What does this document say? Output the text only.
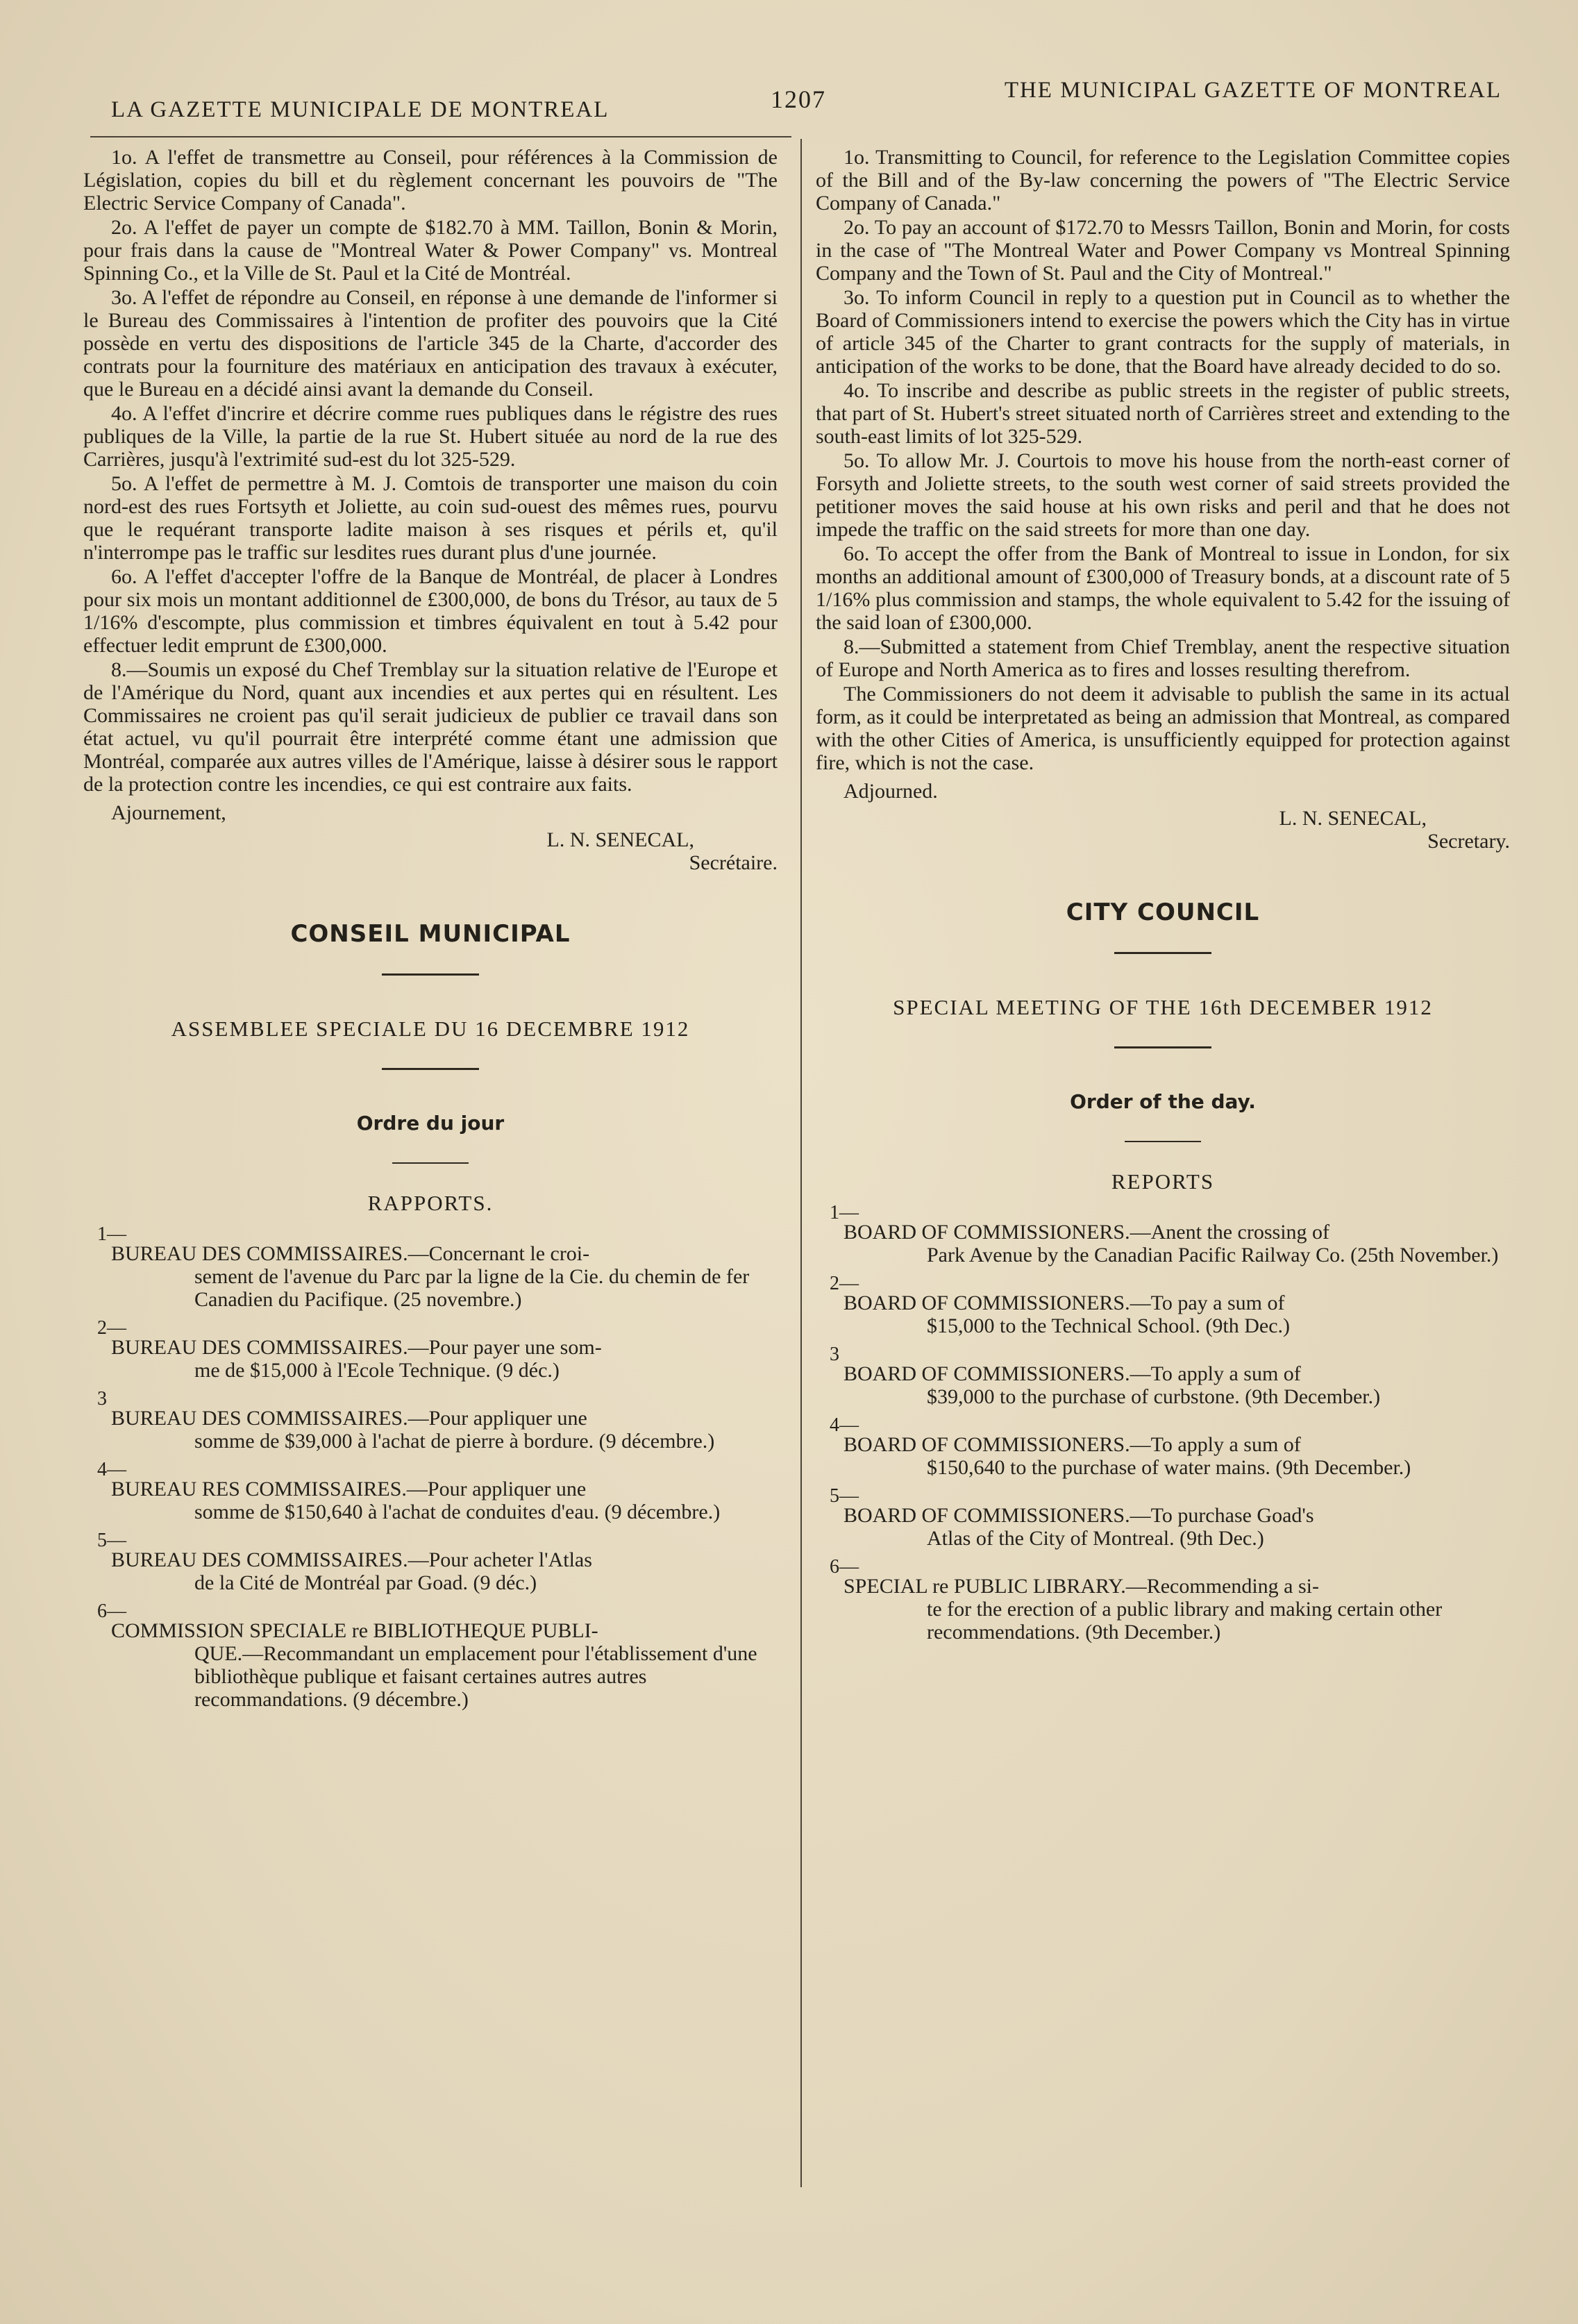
LA GAZETTE MUNICIPALE DE MONTREAL	1207	THE MUNICIPAL GAZETTE OF MONTREAL

1o. A l'effet de transmettre au Conseil, pour références à la Commission de Législation, copies du bill et du règlement concernant les pouvoirs de "The Electric Service Company of Canada".

2o. A l'effet de payer un compte de $182.70 à MM. Taillon, Bonin & Morin, pour frais dans la cause de "Montreal Water & Power Company" vs. Montreal Spinning Co., et la Ville de St. Paul et la Cité de Montréal.

3o. A l'effet de répondre au Conseil, en réponse à une demande de l'informer si le Bureau des Commissaires à l'intention de profiter des pouvoirs que la Cité possède en vertu des dispositions de l'article 345 de la Charte, d'accorder des contrats pour la fourniture des matériaux en anticipation des travaux à exécuter, que le Bureau en a décidé ainsi avant la demande du Conseil.

4o. A l'effet d'incrire et décrire comme rues publiques dans le régistre des rues publiques de la Ville, la partie de la rue St. Hubert située au nord de la rue des Carrières, jusqu'à l'extrimité sud-est du lot 325-529.

5o. A l'effet de permettre à M. J. Comtois de transporter une maison du coin nord-est des rues Fortsyth et Joliette, au coin sud-ouest des mêmes rues, pourvu que le requérant transporte ladite maison à ses risques et périls et, qu'il n'interrompe pas le traffic sur lesdites rues durant plus d'une journée.

6o. A l'effet d'accepter l'offre de la Banque de Montréal, de placer à Londres pour six mois un montant additionnel de £300,000, de bons du Trésor, au taux de 5 1/16% d'escompte, plus commission et timbres équivalent en tout à 5.42 pour effectuer ledit emprunt de £300,000.

8.—Soumis un exposé du Chef Tremblay sur la situation relative de l'Europe et de l'Amérique du Nord, quant aux incendies et aux pertes qui en résultent. Les Commissaires ne croient pas qu'il serait judicieux de publier ce travail dans son état actuel, vu qu'il pourrait être interprété comme étant une admission que Montréal, comparée aux autres villes de l'Amérique, laisse à désirer sous le rapport de la protection contre les incendies, ce qui est contraire aux faits.

Ajournement,
L. N. SENECAL,
Secrétaire.
CONSEIL MUNICIPAL
ASSEMBLEE SPECIALE DU 16 DECEMBRE 1912
Ordre du jour
RAPPORTS.
1—

BUREAU DES COMMISSAIRES.—Concernant le croi-
sement de l'avenue du Parc par la ligne de la Cie. du chemin de fer Canadien du Pacifique. (25 novembre.)

2—

BUREAU DES COMMISSAIRES.—Pour payer une som-
me de $15,000 à l'Ecole Technique. (9 déc.)

3

BUREAU DES COMMISSAIRES.—Pour appliquer une
somme de $39,000 à l'achat de pierre à bordure. (9 décembre.)

4—

BUREAU RES COMMISSAIRES.—Pour appliquer une
somme de $150,640 à l'achat de conduites d'eau. (9 décembre.)

5—

BUREAU DES COMMISSAIRES.—Pour acheter l'Atlas
de la Cité de Montréal par Goad. (9 déc.)

6—

COMMISSION SPECIALE re BIBLIOTHEQUE PUBLI-
QUE.—Recommandant un emplacement pour l'établissement d'une bibliothèque publique et faisant certaines autres autres recommandations. (9 décembre.)

1o. Transmitting to Council, for reference to the Legislation Committee copies of the Bill and of the By-law concerning the powers of "The Electric Service Company of Canada."

2o. To pay an account of $172.70 to Messrs Taillon, Bonin and Morin, for costs in the case of "The Montreal Water and Power Company vs Montreal Spinning Company and the Town of St. Paul and the City of Montreal."

3o. To inform Council in reply to a question put in Council as to whether the Board of Commissioners intend to exercise the powers which the City has in virtue of article 345 of the Charter to grant contracts for the supply of materials, in anticipation of the works to be done, that the Board have already decided to do so.

4o. To inscribe and describe as public streets in the register of public streets, that part of St. Hubert's street situated north of Carrières street and extending to the south-east limits of lot 325-529.

5o. To allow Mr. J. Courtois to move his house from the north-east corner of Forsyth and Joliette streets, to the south west corner of said streets provided the petitioner moves the said house at his own risks and peril and that he does not impede the traffic on the said streets for more than one day.

6o. To accept the offer from the Bank of Montreal to issue in London, for six months an additional amount of £300,000 of Treasury bonds, at a discount rate of 5 1/16% plus commission and stamps, the whole equivalent to 5.42 for the issuing of the said loan of £300,000.

8.—Submitted a statement from Chief Tremblay, anent the respective situation of Europe and North America as to fires and losses resulting therefrom.

The Commissioners do not deem it advisable to publish the same in its actual form, as it could be interpretated as being an admission that Montreal, as compared with the other Cities of America, is unsufficiently equipped for protection against fire, which is not the case.

Adjourned.
L. N. SENECAL,
Secretary.
CITY COUNCIL
SPECIAL MEETING OF THE 16th DECEMBER 1912
Order of the day.
REPORTS
1—

BOARD OF COMMISSIONERS.—Anent the crossing of
Park Avenue by the Canadian Pacific Railway Co. (25th November.)

2—

BOARD OF COMMISSIONERS.—To pay a sum of
$15,000 to the Technical School. (9th Dec.)

3

BOARD OF COMMISSIONERS.—To apply a sum of
$39,000 to the purchase of curbstone. (9th December.)

4—

BOARD OF COMMISSIONERS.—To apply a sum of
$150,640 to the purchase of water mains. (9th December.)

5—

BOARD OF COMMISSIONERS.—To purchase Goad's
Atlas of the City of Montreal. (9th Dec.)

6—

SPECIAL re PUBLIC LIBRARY.—Recommending a si-
te for the erection of a public library and making certain other recommendations. (9th December.)
